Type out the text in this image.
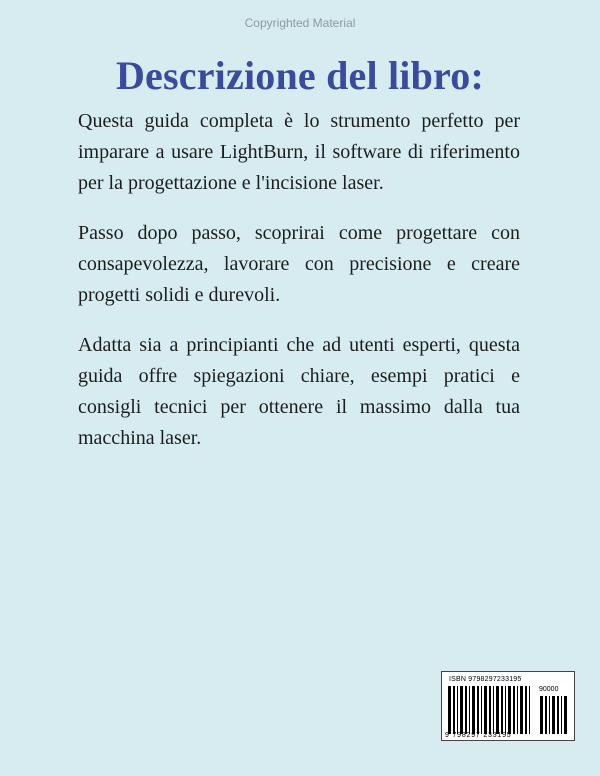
Copyrighted Material
Descrizione del libro:

Questa guida completa è lo strumento perfetto per imparare a usare LightBurn, il software di riferimento per la progettazione e l'incisione laser.

Passo dopo passo, scoprirai come progettare con consapevolezza, lavorare con precisione e creare progetti solidi e durevoli.

Adatta sia a principianti che ad utenti esperti, questa guida offre spiegazioni chiare, esempi pratici e consigli tecnici per ottenere il massimo dalla tua macchina laser.

ISBN 9798297233195
90000
9 798297 233195
